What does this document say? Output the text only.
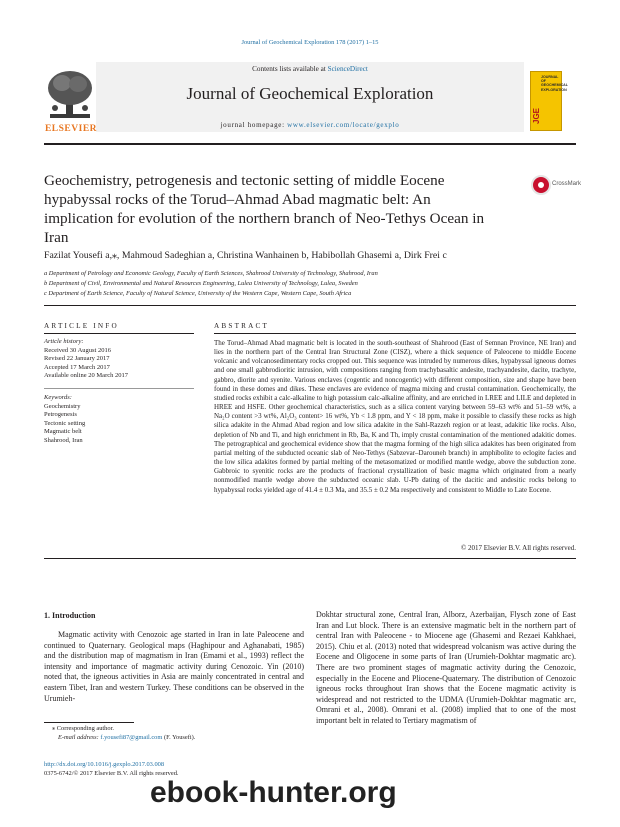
Journal of Geochemical Exploration 178 (2017) 1–15
ELSEVIER
Contents lists available at ScienceDirect
Journal of Geochemical Exploration
journal homepage: www.elsevier.com/locate/gexplo
JGE
JOURNAL OF GEOCHEMICAL EXPLORATION
Geochemistry, petrogenesis and tectonic setting of middle Eocene hypabyssal rocks of the Torud–Ahmad Abad magmatic belt: An implication for evolution of the northern branch of Neo-Tethys Ocean in Iran
CrossMark
Fazilat Yousefi a,⁎, Mahmoud Sadeghian a, Christina Wanhainen b, Habibollah Ghasemi a, Dirk Frei c
a Department of Petrology and Economic Geology, Faculty of Earth Sciences, Shahrood University of Technology, Shahrood, Iran
b Department of Civil, Environmental and Natural Resources Engineering, Lulea University of Technology, Lulea, Sweden
c Department of Earth Science, Faculty of Natural Science, University of the Western Cape, Western Cape, South Africa
ARTICLE INFO
Article history:
Received 30 August 2016
Revised 22 January 2017
Accepted 17 March 2017
Available online 20 March 2017
Keywords:
Geochemistry
Petrogenesis
Tectonic setting
Magmatic belt
Shahrood, Iran
ABSTRACT
The Torud–Ahmad Abad magmatic belt is located in the south-southeast of Shahrood (East of Semnan Province, NE Iran) and lies in the northern part of the Central Iran Structural Zone (CISZ), where a thick sequence of Paleocene to middle Eocene volcanic and volcanosedimentary rocks cropped out. This sequence was intruded by numerous dikes, hypabyssal igneous domes and one small gabbrodioritic intrusion, with compositions ranging from trachybasaltic andesite, trachyandesite, dacite, trachyte, gabbro, diorite and syenite. Various enclaves (cogentic and noncogentic) with different composition, size and shape have been found in these domes and dikes. These enclaves are evidence of magma mixing and crustal contamination. Geochemically, the studied rocks exhibit a calc-alkaline to high potassium calc-alkaline affinity, and are enriched in LREE and LILE and depleted in HREE and HSFE. Other geochemical characteristics, such as a silica content varying between 59–63 wt% and 51–59 wt%, a Na₂O content >3 wt%, Al₂O₃ content> 16 wt%, Yb < 1.8 ppm, and Y < 18 ppm, make it possible to classify these rocks as high silica adakite in the Ahmad Abad region and low silica adakite in the Sahl-Razzeh region or at least, adakitic like rocks. Also, depletion of Nb and Ti, and high enrichment in Rb, Ba, K and Th, imply crustal contamination of the mentioned adakitic domes. The petrographical and geochemical evidence show that the magma forming of the high silica adakites has been originated from partial melting of the subducted oceanic slab of Neo-Tethys (Sabzevar–Darouneh branch) in amphibolite to eclogite facies and the low silica adakites formed by partial melting of the metasomatized or modified mantle wedge, above the subduction zone. Gabbroic to syenitic rocks are the products of fractional crystallization of basic magma which originated from a nearly nonmodified mantle wedge above the subducted oceanic slab. U-Pb dating of the dacitic and andesitic rocks belong to hypabyssal rocks yielded age of 41.4 ± 0.3 Ma, and 35.5 ± 0.2 Ma respectively and consistent to Middle to Late Eocene.
© 2017 Elsevier B.V. All rights reserved.
1. Introduction
Magmatic activity with Cenozoic age started in Iran in late Paleocene and continued to Quaternary. Geological maps (Haghipour and Aghanabati, 1985) and the distribution map of magmatism in Iran (Emami et al., 1993) reflect the intensity and importance of magmatic activity during Cenozoic. Yin (2010) noted that, the igneous activities in Asia are mainly concentrated in central and eastern Tibet, Iran and western Turkey. These conditions can be observed in the Urumieh-
Dokhtar structural zone, Central Iran, Alborz, Azerbaijan, Flysch zone of East Iran and Lut block. There is an extensive magmatic belt in the northern part of central Iran with Paleocene - to Miocene age (Ghasemi and Rezaei Kahkhaei, 2015). Chiu et al. (2013) noted that widespread volcanism was active during the Eocene and Oligocene in some parts of Iran (Urumieh-Dokhtar magmatic arc). There are two prominent stages of magmatic activity during the Cenozoic, especially in the Eocene and Pliocene-Quaternary. The distribution of Cenozoic igneous rocks throughout Iran shows that the Eocene magmatic activity is widespread and not restricted to the UDMA (Urumieh-Dokhtar magmatic arc, Omrani et al., 2008). Omrani et al. (2008) implied that to one of the most important belt in related to Tertiary magmatism of
⁎ Corresponding author.
E-mail address: f.yousefi87@gmail.com (F. Yousefi).
http://dx.doi.org/10.1016/j.gexplo.2017.03.008
0375-6742/© 2017 Elsevier B.V. All rights reserved.
ebook-hunter.org
